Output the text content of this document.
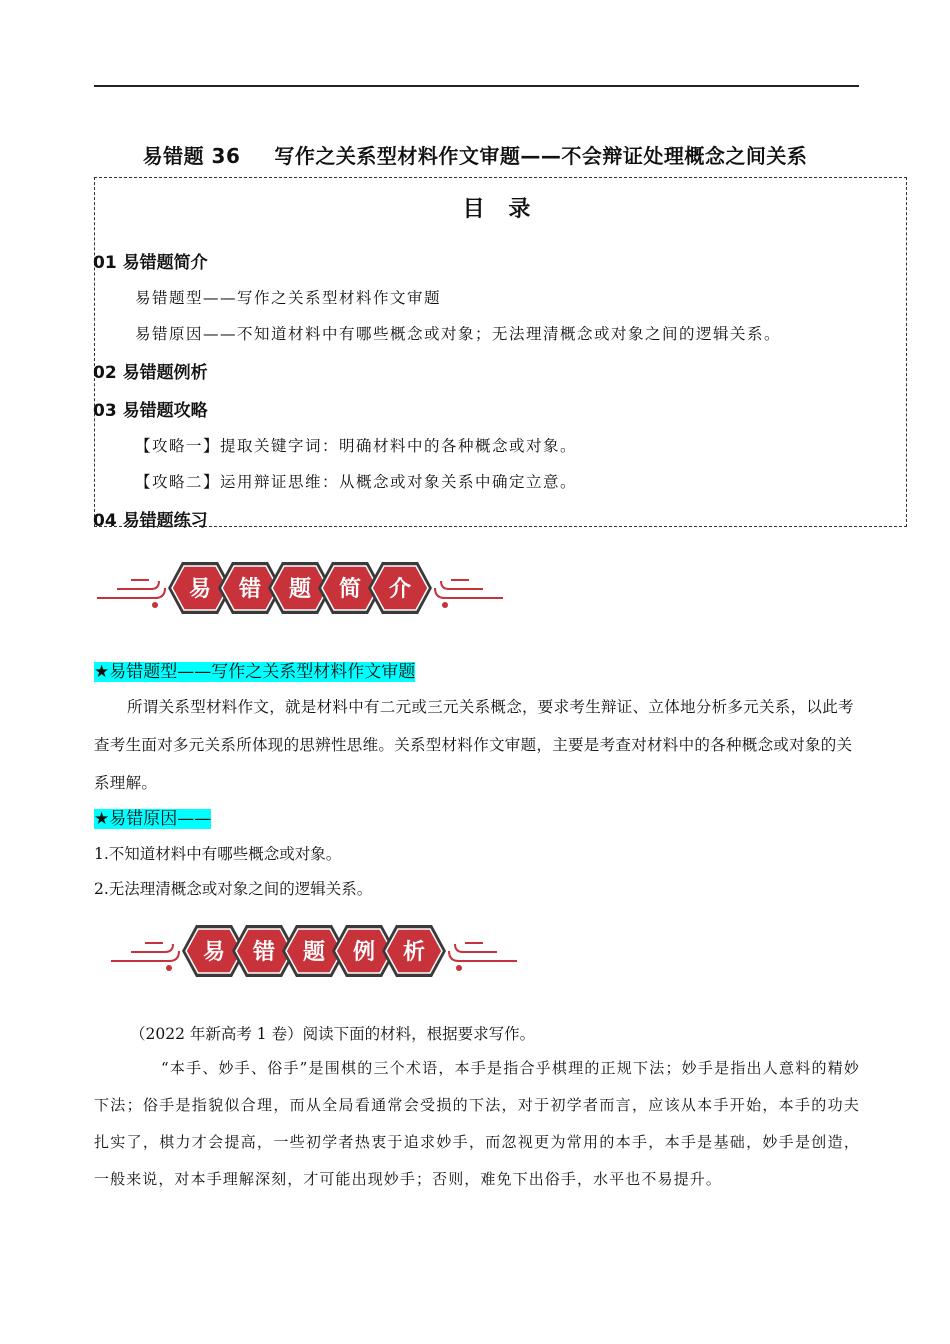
易错题 36 写作之关系型材料作文审题——不会辩证处理概念之间关系
目 录
01 易错题简介
易错题型——写作之关系型材料作文审题
易错原因——不知道材料中有哪些概念或对象；无法理清概念或对象之间的逻辑关系。
02 易错题例析
03 易错题攻略
【攻略一】提取关键字词：明确材料中的各种概念或对象。
【攻略二】运用辩证思维：从概念或对象关系中确定立意。
04 易错题练习
易 错 题 简 介
★易错题型——写作之关系型材料作文审题
所谓关系型材料作文，就是材料中有二元或三元关系概念，要求考生辩证、立体地分析多元关系，以此考查考生面对多元关系所体现的思辨性思维。关系型材料作文审题，主要是考查对材料中的各种概念或对象的关系理解。
★易错原因——
1.不知道材料中有哪些概念或对象。
2.无法理清概念或对象之间的逻辑关系。
易 错 题 例 析
（2022 年新高考 1 卷）阅读下面的材料，根据要求写作。
“本手、妙手、俗手”是围棋的三个术语，本手是指合乎棋理的正规下法；妙手是指出人意料的精妙下法；俗手是指貌似合理，而从全局看通常会受损的下法，对于初学者而言，应该从本手开始，本手的功夫扎实了，棋力才会提高，一些初学者热衷于追求妙手，而忽视更为常用的本手，本手是基础，妙手是创造，一般来说，对本手理解深刻，才可能出现妙手；否则，难免下出俗手，水平也不易提升。
